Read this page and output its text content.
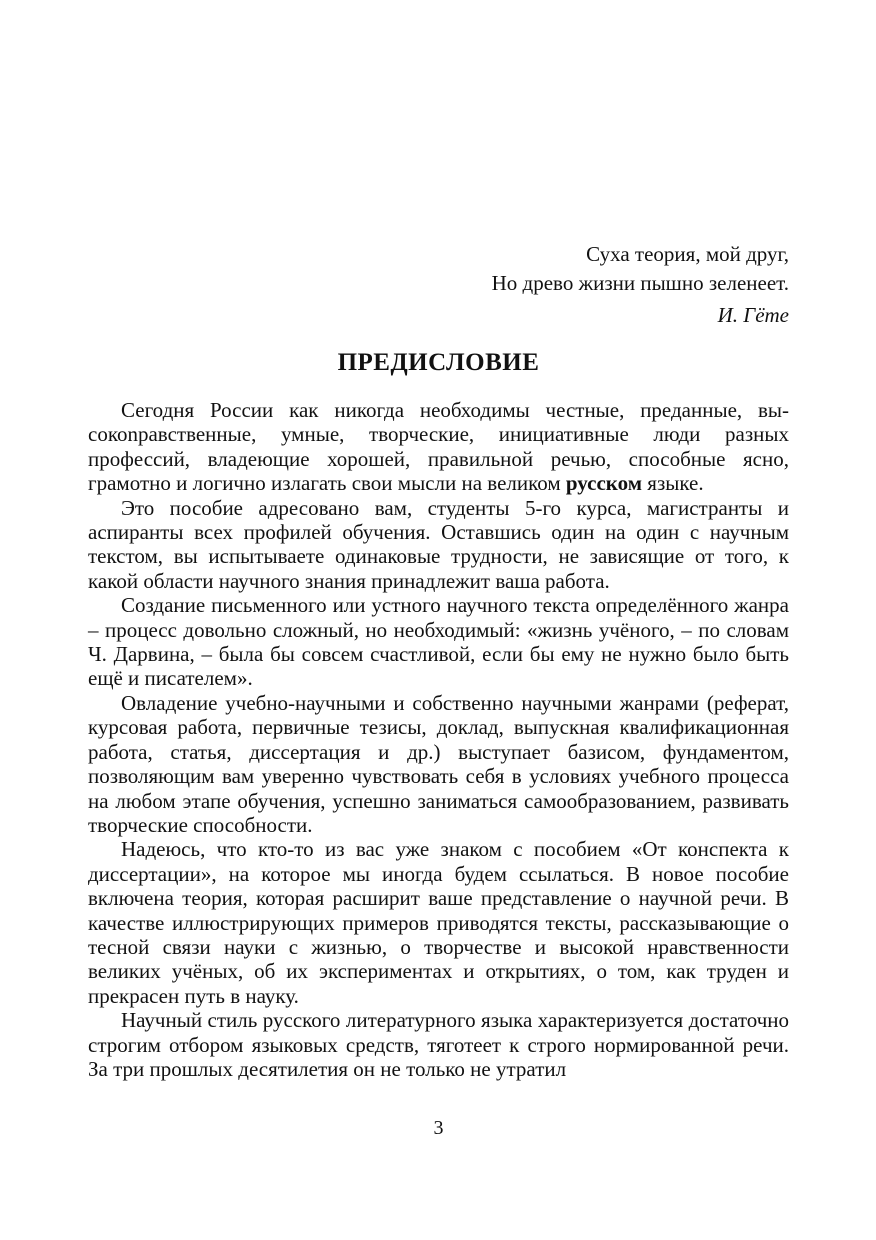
Суха теория, мой друг,
Но древо жизни пышно зеленеет.
И. Гёте
ПРЕДИСЛОВИЕ

Сегодня России как никогда необходимы честные, преданные, высокоnравственные, умные, творческие, инициативные люди разных профессий, владеющие хорошей, правильной речью, способные ясно, грамотно и логично излагать свои мысли на великом русском языке.

Это пособие адресовано вам, студенты 5-го курса, магистранты и аспиранты всех профилей обучения. Оставшись один на один с научным текстом, вы испытываете одинаковые трудности, не зависящие от того, к какой области научного знания принадлежит ваша работа.

Создание письменного или устного научного текста определённого жанра – процесс довольно сложный, но необходимый: «жизнь учёного, – по словам Ч. Дарвина, – была бы совсем счастливой, если бы ему не нужно было быть ещё и писателем».

Овладение учебно-научными и собственно научными жанрами (реферат, курсовая работа, первичные тезисы, доклад, выпускная квалификационная работа, статья, диссертация и др.) выступает базисом, фундаментом, позволяющим вам уверенно чувствовать себя в условиях учебного процесса на любом этапе обучения, успешно заниматься самообразованием, развивать творческие способности.

Надеюсь, что кто-то из вас уже знаком с пособием «От конспекта к диссертации», на которое мы иногда будем ссылаться. В новое пособие включена теория, которая расширит ваше представление о научной речи. В качестве иллюстрирующих примеров приводятся тексты, рассказывающие о тесной связи науки с жизнью, о творчестве и высокой нравственности великих учёных, об их экспериментах и открытиях, о том, как труден и прекрасен путь в науку.

Научный стиль русского литературного языка характеризуется достаточно строгим отбором языковых средств, тяготеет к строго нормированной речи. За три прошлых десятилетия он не только не утратил

3
